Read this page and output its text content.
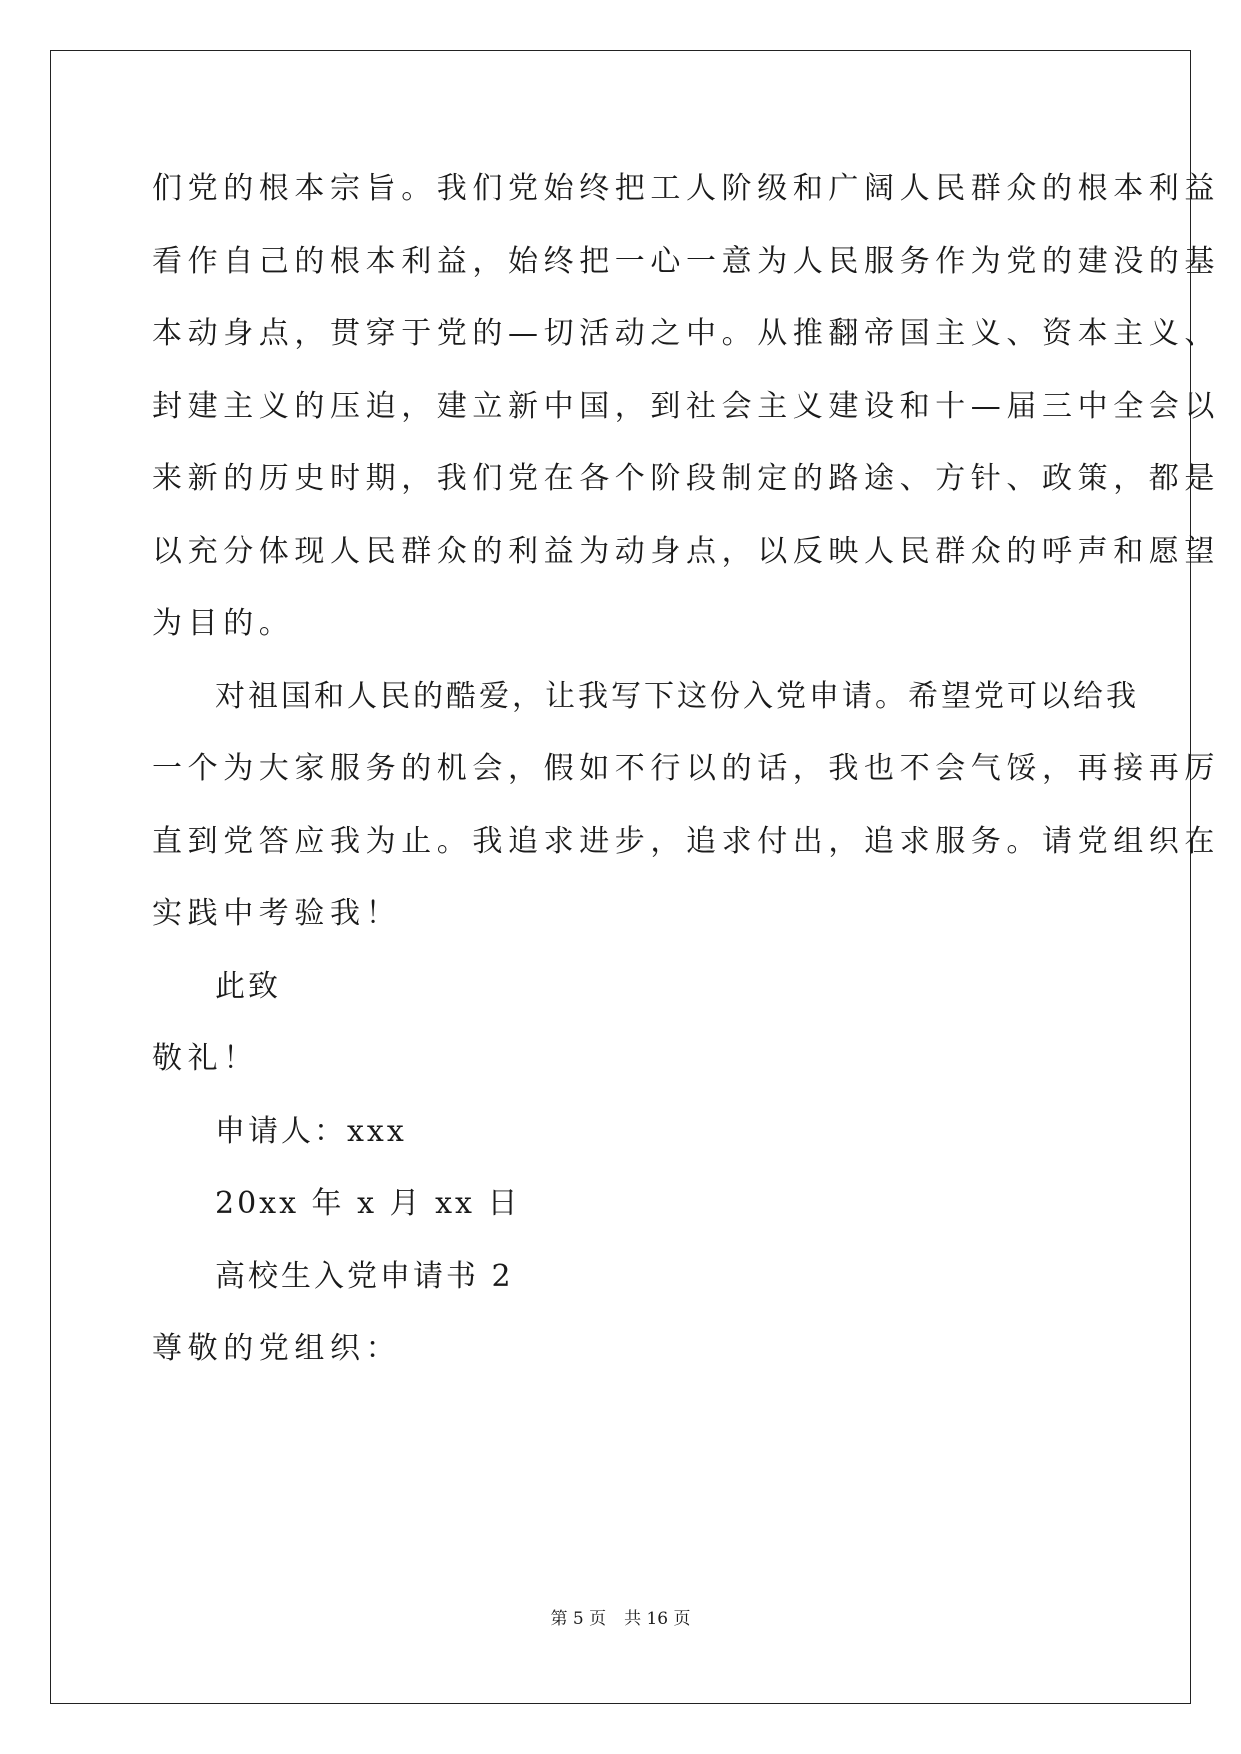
们党的根本宗旨。我们党始终把工人阶级和广阔人民群众的根本利益

看作自己的根本利益，始终把一心一意为人民服务作为党的建没的基

本动身点，贯穿于党的—切活动之中。从推翻帝国主义、资本主义、

封建主义的压迫，建立新中国，到社会主义建设和十—届三中全会以

来新的历史时期，我们党在各个阶段制定的路途、方针、政策，都是

以充分体现人民群众的利益为动身点，以反映人民群众的呼声和愿望

为目的。

对祖国和人民的酷爱，让我写下这份入党申请。希望党可以给我

一个为大家服务的机会，假如不行以的话，我也不会气馁，再接再厉

直到党答应我为止。我追求进步，追求付出，追求服务。请党组织在

实践中考验我！

此致

敬礼！

申请人：xxx

20xx 年 x 月 xx 日

高校生入党申请书 2

尊敬的党组织：

第 5 页 共 16 页
